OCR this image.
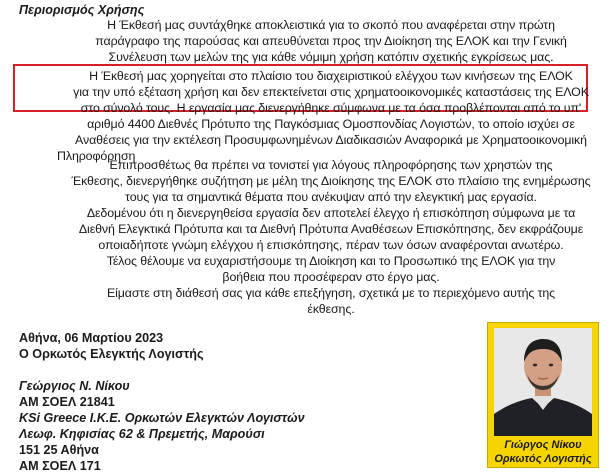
Περιορισμός Χρήσης
Η Έκθεσή μας συντάχθηκε αποκλειστικά για το σκοπό που αναφέρεται στην πρώτη
παράγραφο της παρούσας και απευθύνεται προς την Διοίκηση της ΕΛΟΚ και την Γενική
Συνέλευση των μελών της για κάθε νόμιμη χρήση κατόπιν σχετικής εγκρίσεως μας.
Η Έκθεσή μας χορηγείται στο πλαίσιο του διαχειριστικού ελέγχου των κινήσεων της ΕΛΟΚ
για την υπό εξέταση χρήση και δεν επεκτείνεται στις χρηματοοικονομικές καταστάσεις της ΕΛΟΚ
στο σύνολό τους. Η εργασία μας διενεργήθηκε σύμφωνα με τα όσα προβλέπονται από το υπ'
αριθμό 4400 Διεθνές Πρότυπο της Παγκόσμιας Ομοσπονδίας Λογιστών, το οποίο ισχύει σε
Αναθέσεις για την εκτέλεση Προσυμφωνημένων Διαδικασιών Αναφορικά με Χρηματοοικονομική
Πληροφόρηση
Επιπροσθέτως θα πρέπει να τονιστεί για λόγους πληροφόρησης των χρηστών της
Έκθεσης, διενεργήθηκε συζήτηση με μέλη της Διοίκησης της ΕΛΟΚ στο πλαίσιο της ενημέρωσης
τους για τα σημαντικά θέματα που ανέκυψαν από την ελεγκτική μας εργασία.
Δεδομένου ότι η διενεργηθείσα εργασία δεν αποτελεί έλεγχο ή επισκόπηση σύμφωνα με τα
Διεθνή Ελεγκτικά Πρότυπα και τα Διεθνή Πρότυπα Αναθέσεων Επισκόπησης, δεν εκφράζουμε
οποιαδήποτε γνώμη ελέγχου ή επισκόπησης, πέραν των όσων αναφέρονται ανωτέρω.
Τέλος θέλουμε να ευχαριστήσουμε τη Διοίκηση και το Προσωπικό της ΕΛΟΚ για την
βοήθεια που προσέφεραν στο έργο μας.
Είμαστε στη διάθεσή σας για κάθε επεξήγηση, σχετικά με το περιεχόμενο αυτής της
έκθεσης.
Αθήνα, 06 Μαρτίου 2023
Ο Ορκωτός Ελεγκτής Λογιστής
Γεώργιος Ν. Νίκου
ΑΜ ΣΟΕΛ 21841
KSi Greece Ι.Κ.Ε. Ορκωτών Ελεγκτών Λογιστών
Λεωφ. Κηφισίας 62 & Πρεμετής, Μαρούσι
151 25 Αθήνα
ΑΜ ΣΟΕΛ 171
Γιώργος Νίκου
Ορκωτός Λογιστής
